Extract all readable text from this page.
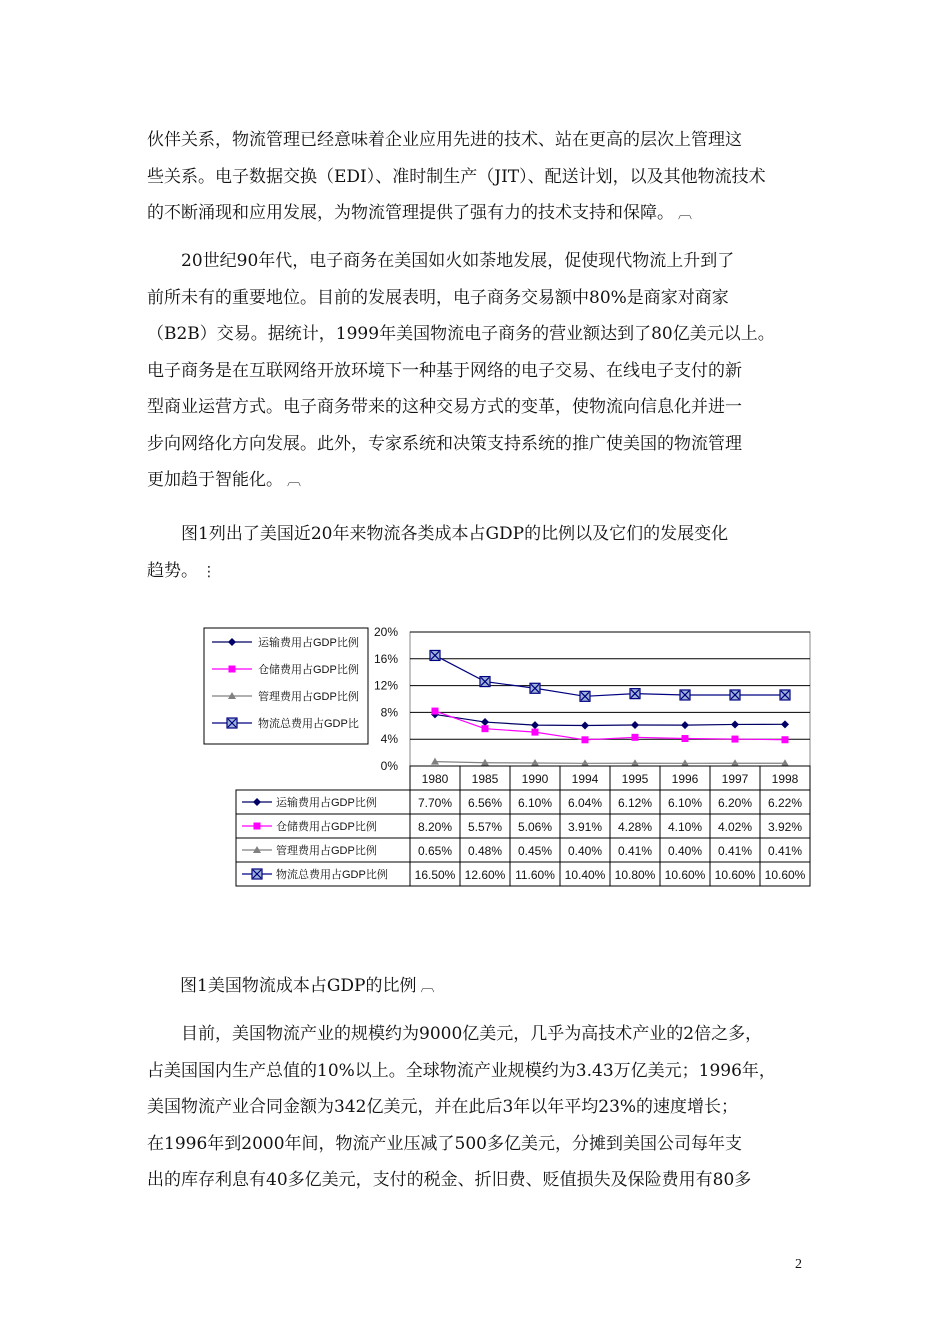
伙伴关系，物流管理已经意味着企业应用先进的技术、站在更高的层次上管理这
些关系。电子数据交换（EDI）、准时制生产（JIT）、配送计划，以及其他物流技术
的不断涌现和应用发展，为物流管理提供了强有力的技术支持和保障。 ︹
20世纪90年代，电子商务在美国如火如荼地发展，促使现代物流上升到了
前所未有的重要地位。目前的发展表明，电子商务交易额中80%是商家对商家
（B2B）交易。据统计，1999年美国物流电子商务的营业额达到了80亿美元以上。
电子商务是在互联网络开放环境下一种基于网络的电子交易、在线电子支付的新
型商业运营方式。电子商务带来的这种交易方式的变革，使物流向信息化并进一
步向网络化方向发展。此外，专家系统和决策支持系统的推广使美国的物流管理
更加趋于智能化。 ︹
图1列出了美国近20年来物流各类成本占GDP的比例以及它们的发展变化
趋势。 ⋮
0%
4%
8%
12%
16%
20%
运输费用占GDP比例
仓储费用占GDP比例
管理费用占GDP比例
物流总费用占GDP比
1980 1985 1990 1994 1995 1996 1997 1998
运输费用占GDP比例	7.70% 6.56% 6.10% 6.04% 6.12% 6.10% 6.20% 6.22%
仓储费用占GDP比例	8.20% 5.57% 5.06% 3.91% 4.28% 4.10% 4.02% 3.92%
管理费用占GDP比例	0.65% 0.48% 0.45% 0.40% 0.41% 0.40% 0.41% 0.41%
物流总费用占GDP比例 16.50% 12.60% 11.60% 10.40% 10.80% 10.60% 10.60% 10.60%
图1美国物流成本占GDP的比例 ︹
目前，美国物流产业的规模约为9000亿美元，几乎为高技术产业的2倍之多，
占美国国内生产总值的10%以上。全球物流产业规模约为3.43万亿美元；1996年，
美国物流产业合同金额为342亿美元，并在此后3年以年平均23%的速度增长；
在1996年到2000年间，物流产业压减了500多亿美元，分摊到美国公司每年支
出的库存利息有40多亿美元，支付的税金、折旧费、贬值损失及保险费用有80多
2
